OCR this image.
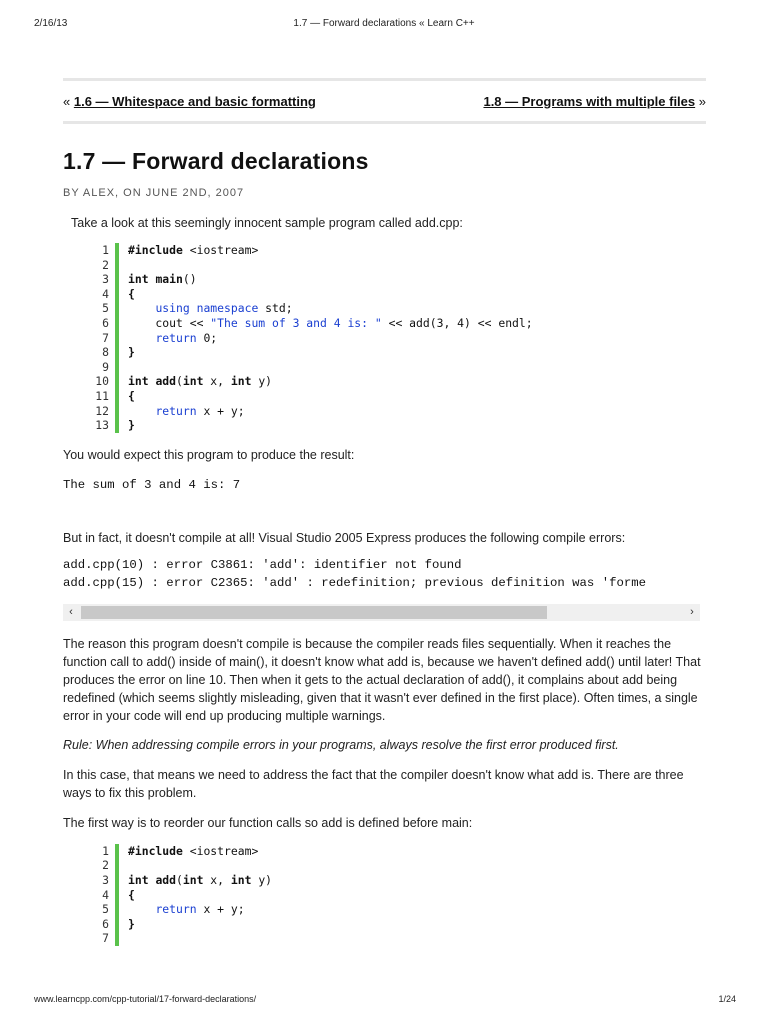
2/16/13	1.7 — Forward declarations « Learn C++
« 1.6 — Whitespace and basic formatting	1.8 — Programs with multiple files »
1.7 — Forward declarations
BY ALEX, ON JUNE 2ND, 2007

Take a look at this seemingly innocent sample program called add.cpp:

1	#include <iostream>
2

3	int main()
4	{
5	using namespace std;
6	cout << "The sum of 3 and 4 is: " << add(3, 4) << endl;
7	return 0;
8	}
9

10	int add(int x, int y)
11	{
12	return x + y;
13	}

You would expect this program to produce the result:

The sum of 3 and 4 is: 7

But in fact, it doesn't compile at all! Visual Studio 2005 Express produces the following compile errors:

add.cpp(10) : error C3861: 'add': identifier not found
add.cpp(15) : error C2365: 'add' : redefinition; previous definition was 'forme
‹	›

The reason this program doesn't compile is because the compiler reads files sequentially. When it reaches the function call to add() inside of main(), it doesn't know what add is, because we haven't defined add() until later! That produces the error on line 10. Then when it gets to the actual declaration of add(), it complains about add being redefined (which seems slightly misleading, given that it wasn't ever defined in the first place). Often times, a single error in your code will end up producing multiple warnings.

Rule: When addressing compile errors in your programs, always resolve the first error produced first.

In this case, that means we need to address the fact that the compiler doesn't know what add is. There are three ways to fix this problem.

The first way is to reorder our function calls so add is defined before main:

1	#include <iostream>
2

3	int add(int x, int y)
4	{
5	return x + y;
6	}
7

www.learncpp.com/cpp-tutorial/17-forward-declarations/	1/24
